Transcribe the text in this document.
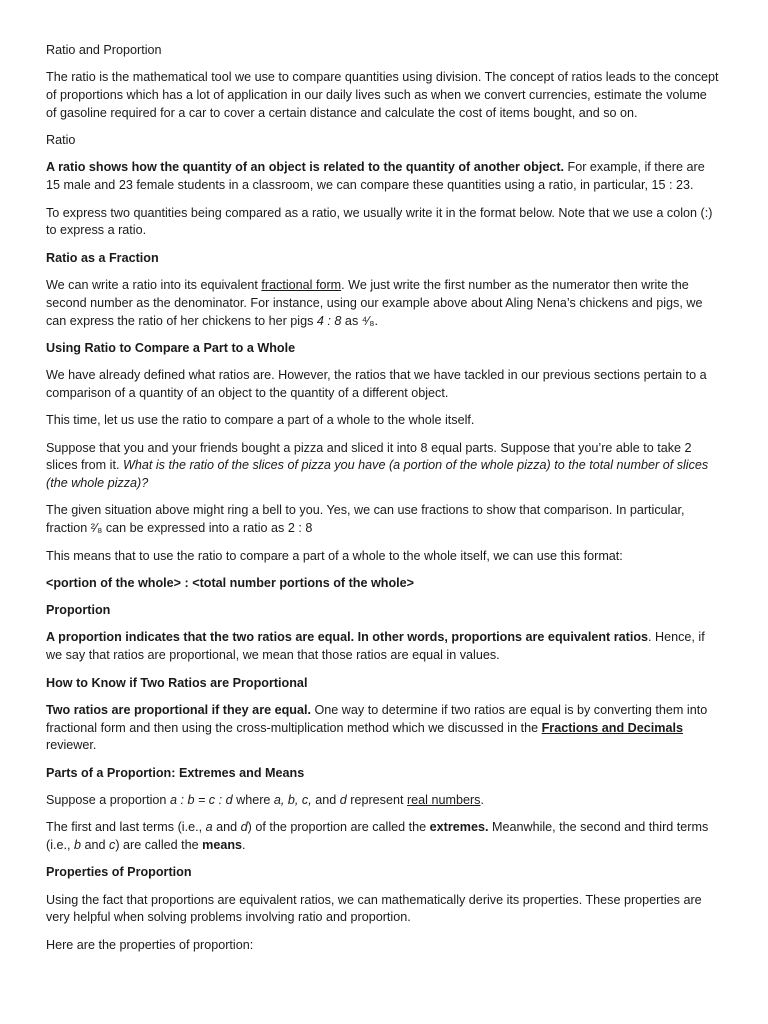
Ratio and Proportion

The ratio is the mathematical tool we use to compare quantities using division. The concept of ratios leads to the concept of proportions which has a lot of application in our daily lives such as when we convert currencies, estimate the volume of gasoline required for a car to cover a certain distance and calculate the cost of items bought, and so on.

Ratio

A ratio shows how the quantity of an object is related to the quantity of another object. For example, if there are 15 male and 23 female students in a classroom, we can compare these quantities using a ratio, in particular, 15 : 23.

To express two quantities being compared as a ratio, we usually write it in the format below. Note that we use a colon (:) to express a ratio.

Ratio as a Fraction

We can write a ratio into its equivalent fractional form. We just write the first number as the numerator then write the second number as the denominator. For instance, using our example above about Aling Nena’s chickens and pigs, we can express the ratio of her chickens to her pigs 4 : 8 as ⁴⁄₈.

Using Ratio to Compare a Part to a Whole

We have already defined what ratios are. However, the ratios that we have tackled in our previous sections pertain to a comparison of a quantity of an object to the quantity of a different object.

This time, let us use the ratio to compare a part of a whole to the whole itself.

Suppose that you and your friends bought a pizza and sliced it into 8 equal parts. Suppose that you’re able to take 2 slices from it. What is the ratio of the slices of pizza you have (a portion of the whole pizza) to the total number of slices (the whole pizza)?

The given situation above might ring a bell to you. Yes, we can use fractions to show that comparison. In particular, fraction ²⁄₈ can be expressed into a ratio as 2 : 8

This means that to use the ratio to compare a part of a whole to the whole itself, we can use this format:

<portion of the whole> : <total number portions of the whole>

Proportion

A proportion indicates that the two ratios are equal. In other words, proportions are equivalent ratios. Hence, if we say that ratios are proportional, we mean that those ratios are equal in values.

How to Know if Two Ratios are Proportional

Two ratios are proportional if they are equal. One way to determine if two ratios are equal is by converting them into fractional form and then using the cross-multiplication method which we discussed in the Fractions and Decimals reviewer.

Parts of a Proportion: Extremes and Means

Suppose a proportion a : b = c : d where a, b, c, and d represent real numbers.

The first and last terms (i.e., a and d) of the proportion are called the extremes. Meanwhile, the second and third terms (i.e., b and c) are called the means.

Properties of Proportion

Using the fact that proportions are equivalent ratios, we can mathematically derive its properties. These properties are very helpful when solving problems involving ratio and proportion.

Here are the properties of proportion:
